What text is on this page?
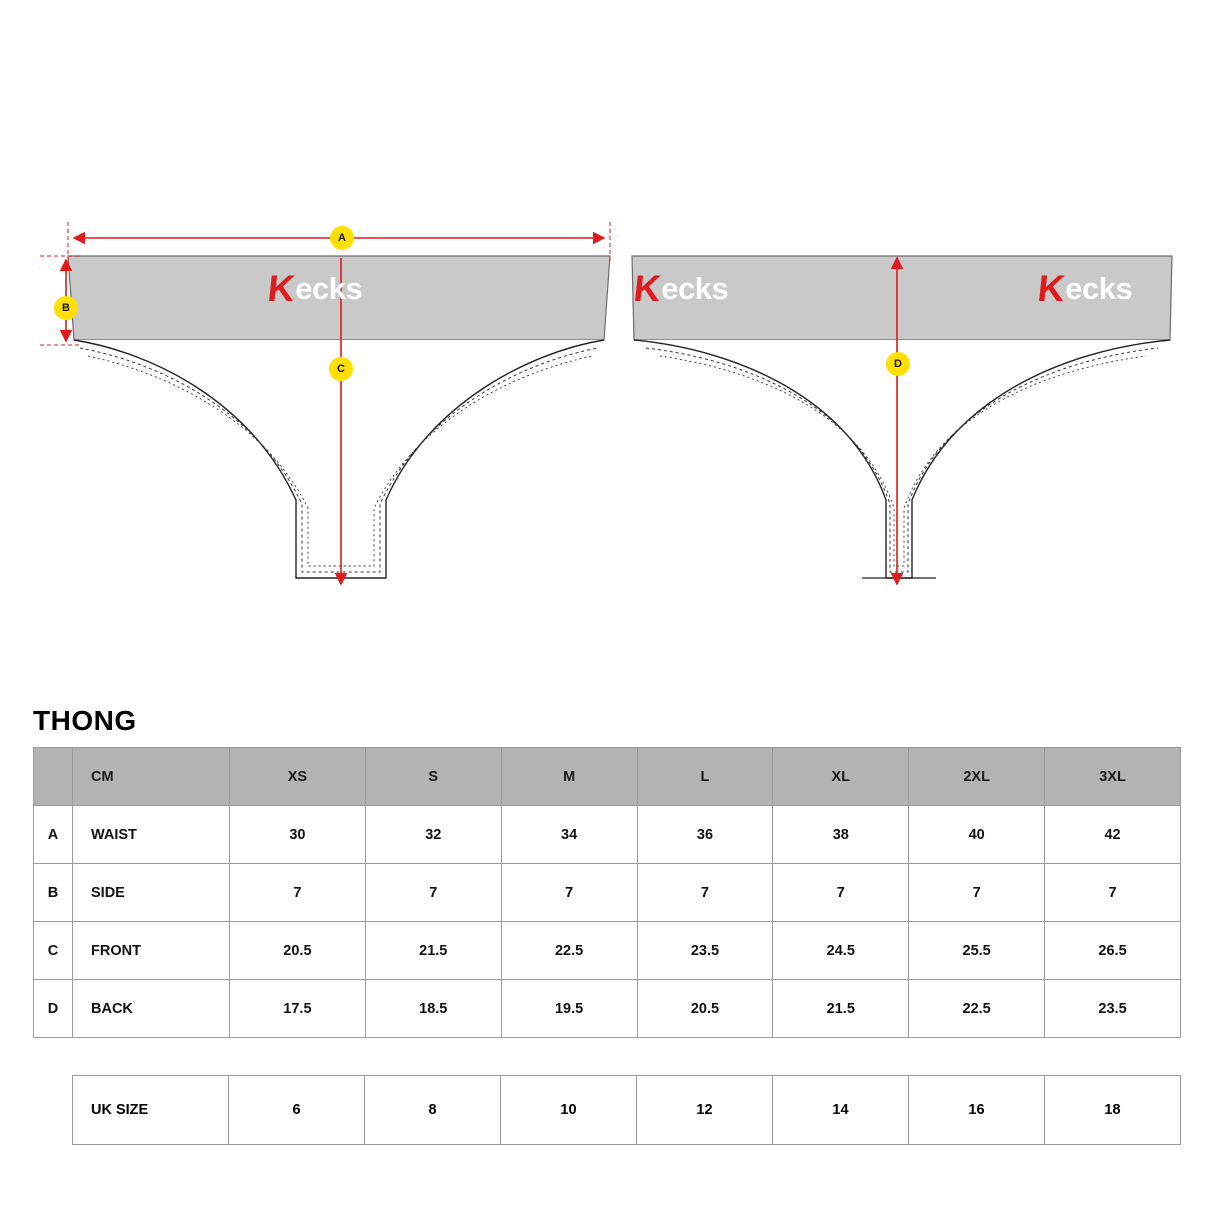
K
ecks	K
ecks	K
ecks
A
B
C	D
THONG
	CM	XS	S	M	L	XL	2XL	3XL
A	WAIST	30	32	34	36	38	40	42
B	SIDE	7	7	7	7	7	7	7
C	FRONT	20.5	21.5	22.5	23.5	24.5	25.5	26.5
D	BACK	17.5	18.5	19.5	20.5	21.5	22.5	23.5
UK SIZE	6	8	10	12	14	16	18
